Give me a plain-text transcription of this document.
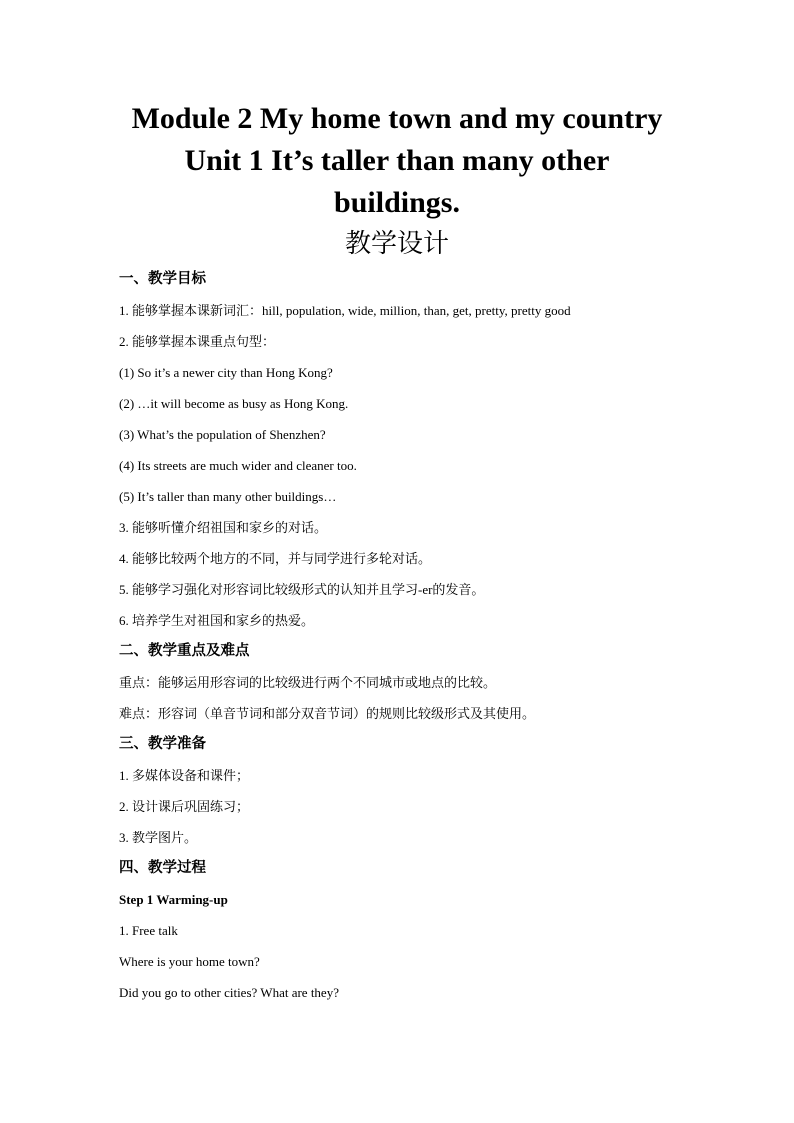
Module 2 My home town and my country
Unit 1 It’s taller than many other
buildings.
教学设计
一、教学目标
1. 能够掌握本课新词汇：hill, population, wide, million, than, get, pretty, pretty good
2. 能够掌握本课重点句型：
(1) So it’s a newer city than Hong Kong?
(2) …it will become as busy as Hong Kong.
(3) What’s the population of Shenzhen?
(4) Its streets are much wider and cleaner too.
(5) It’s taller than many other buildings…
3. 能够听懂介绍祖国和家乡的对话。
4. 能够比较两个地方的不同，并与同学进行多轮对话。
5. 能够学习强化对形容词比较级形式的认知并且学习-er的发音。
6. 培养学生对祖国和家乡的热爱。
二、教学重点及难点
重点：能够运用形容词的比较级进行两个不同城市或地点的比较。
难点：形容词（单音节词和部分双音节词）的规则比较级形式及其使用。
三、教学准备
1. 多媒体设备和课件；
2. 设计课后巩固练习；
3. 教学图片。
四、教学过程
Step 1 Warming-up
1. Free talk
Where is your home town?
Did you go to other cities? What are they?
